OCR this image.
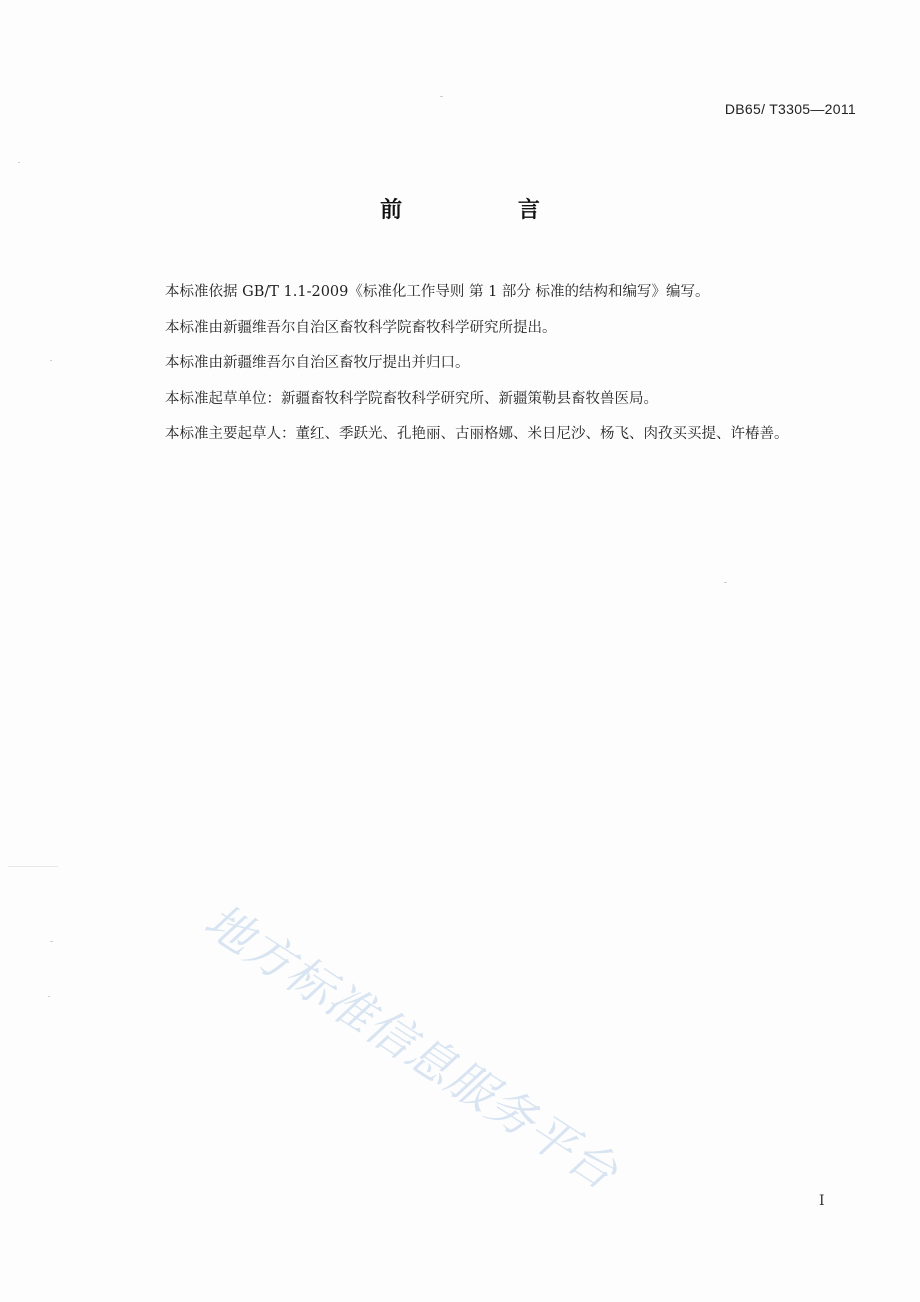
DB65/ T3305—2011
前 言
本标准依据 GB/T 1.1-2009《标准化工作导则 第 1 部分 标准的结构和编写》编写。
本标准由新疆维吾尔自治区畜牧科学院畜牧科学研究所提出。
本标准由新疆维吾尔自治区畜牧厅提出并归口。
本标准起草单位：新疆畜牧科学院畜牧科学研究所、新疆策勒县畜牧兽医局。
本标准主要起草人：董红、季跃光、孔艳丽、古丽格娜、米日尼沙、杨飞、肉孜买买提、许椿善。
地方标准信息服务平台
I
